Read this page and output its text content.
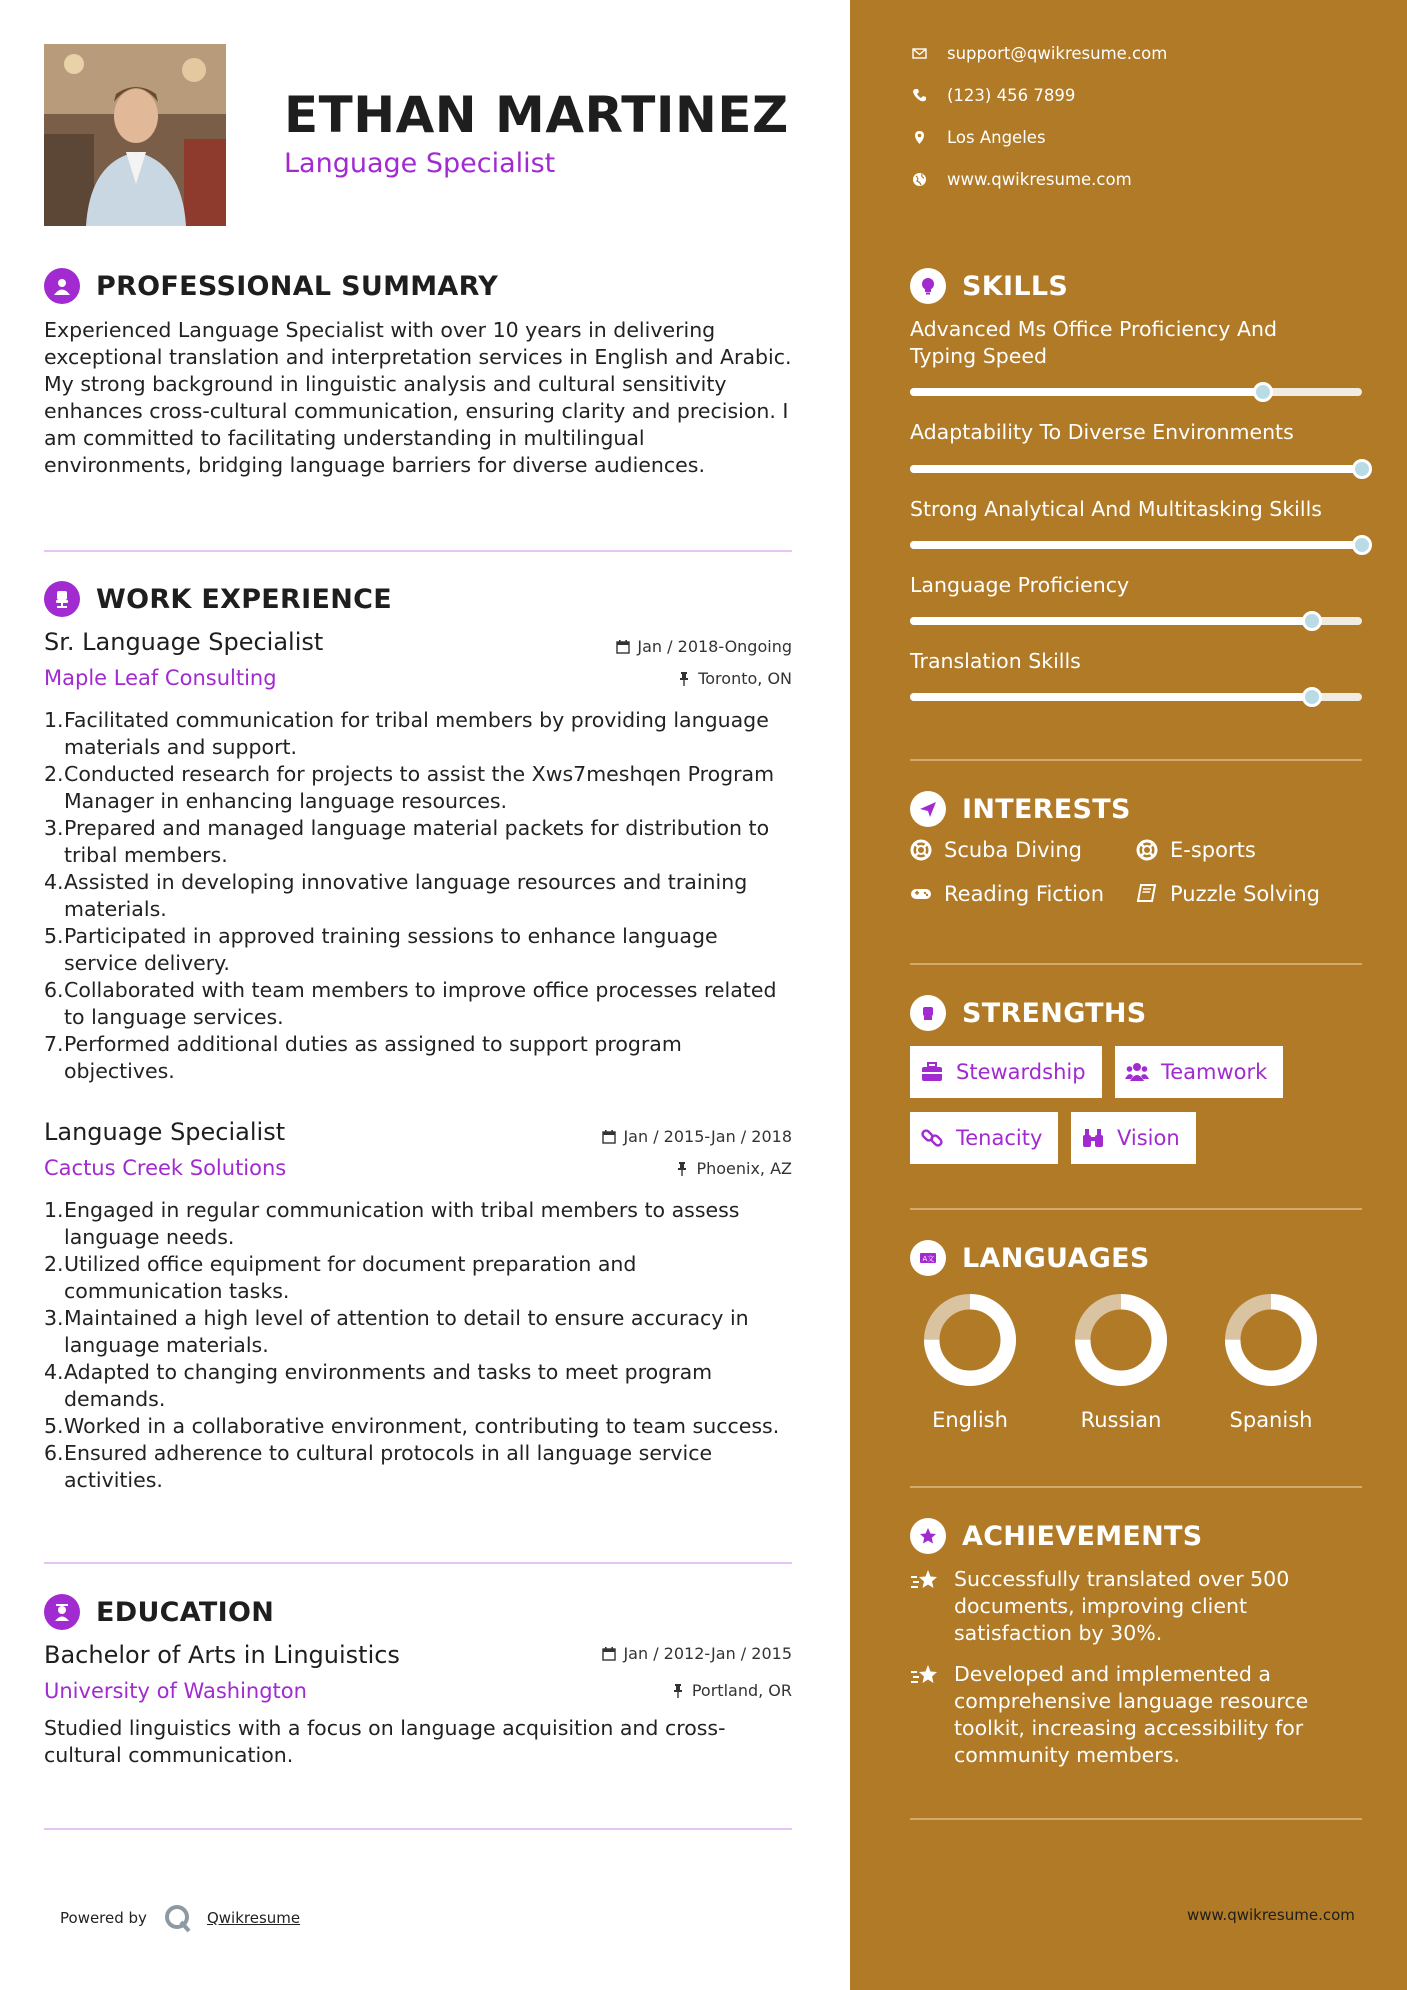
ETHAN MARTINEZ
Language Specialist
PROFESSIONAL SUMMARY
Experienced Language Specialist with over 10 years in delivering exceptional translation and interpretation services in English and Arabic. My strong background in linguistic analysis and cultural sensitivity enhances cross-cultural communication, ensuring clarity and precision. I am committed to facilitating understanding in multilingual environments, bridging language barriers for diverse audiences.
WORK EXPERIENCE
Sr. Language Specialist	Jan / 2018-Ongoing
Maple Leaf Consulting	Toronto, ON
Facilitated communication for tribal members by providing language materials and support.
Conducted research for projects to assist the Xws7meshqen Program Manager in enhancing language resources.
Prepared and managed language material packets for distribution to tribal members.
Assisted in developing innovative language resources and training materials.
Participated in approved training sessions to enhance language service delivery.
Collaborated with team members to improve office processes related to language services.
Performed additional duties as assigned to support program objectives.
Language Specialist	Jan / 2015-Jan / 2018
Cactus Creek Solutions	Phoenix, AZ
Engaged in regular communication with tribal members to assess language needs.
Utilized office equipment for document preparation and communication tasks.
Maintained a high level of attention to detail to ensure accuracy in language materials.
Adapted to changing environments and tasks to meet program demands.
Worked in a collaborative environment, contributing to team success.
Ensured adherence to cultural protocols in all language service activities.
EDUCATION
Bachelor of Arts in Linguistics	Jan / 2012-Jan / 2015
University of Washington	Portland, OR
Studied linguistics with a focus on language acquisition and cross-cultural communication.
Powered by	Qwikresume
support@qwikresume.com
(123) 456 7899
Los Angeles
www.qwikresume.com
SKILLS
Advanced Ms Office Proficiency And Typing Speed
Adaptability To Diverse Environments
Strong Analytical And Multitasking Skills
Language Proficiency
Translation Skills
INTERESTS
Scuba Diving	E-sports
Reading Fiction	Puzzle Solving
STRENGTHS
Stewardship	Teamwork
Tenacity	Vision
A文 LANGUAGES
English	Russian	Spanish
ACHIEVEMENTS
Successfully translated over 500 documents, improving client satisfaction by 30%.
Developed and implemented a comprehensive language resource toolkit, increasing accessibility for community members.
www.qwikresume.com
